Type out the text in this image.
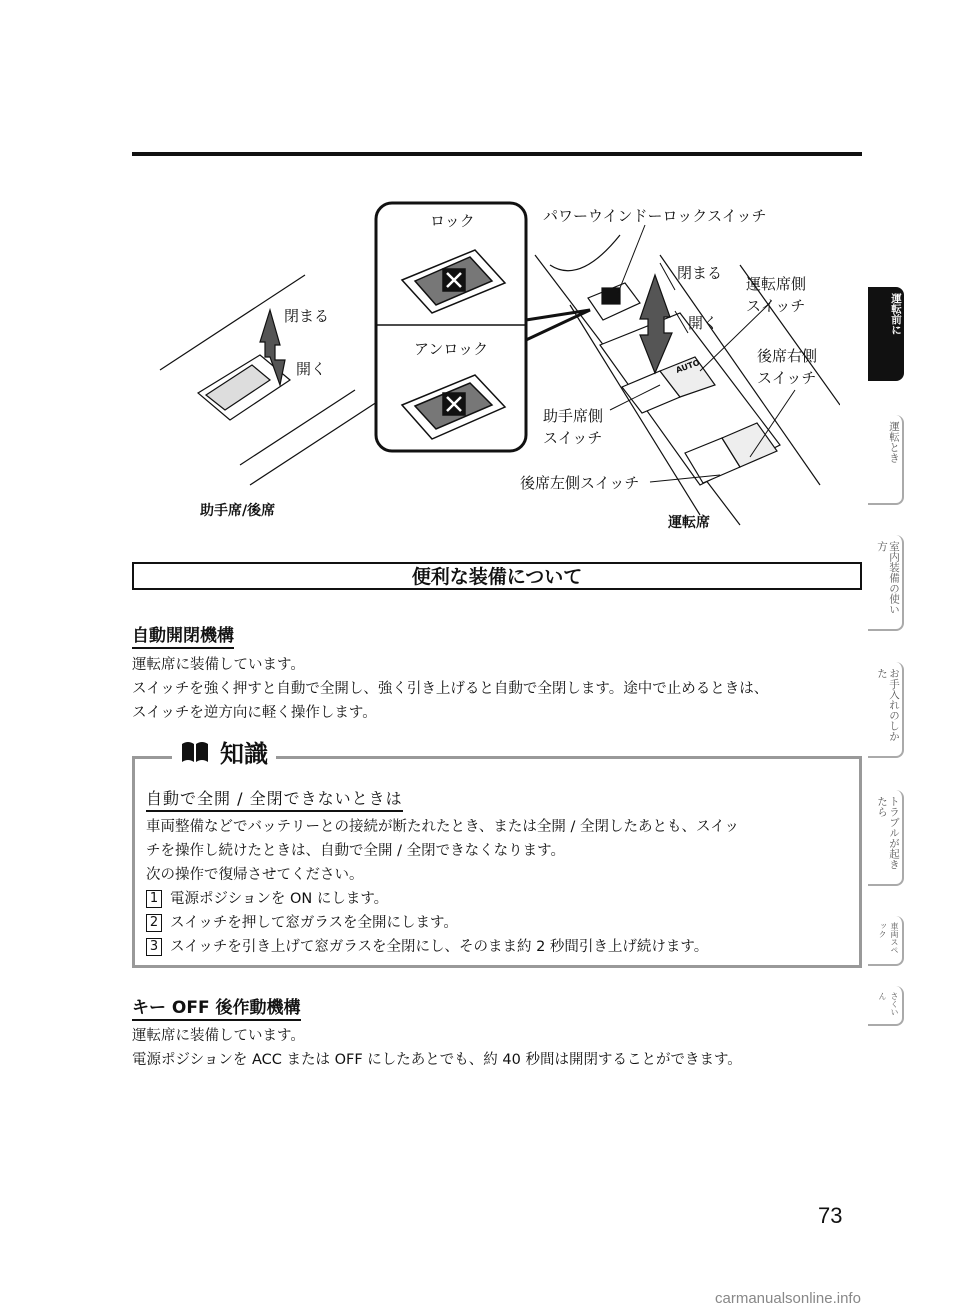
AUTO
ロック
アンロック
パワーウインドーロックスイッチ
閉まる
開く
閉まる
開く
運転席側
スイッチ
後席右側
スイッチ
助手席側
スイッチ
後席左側スイッチ
助手席/後席
運転席
便利な装備について
自動開閉機構
運転席に装備しています。
スイッチを強く押すと自動で全開し、強く引き上げると自動で全閉します。途中で止めるときは、
スイッチを逆方向に軽く操作します。
知識
自動で全開 / 全閉できないときは
車両整備などでバッテリーとの接続が断たれたとき、または全開 / 全閉したあとも、スイッ
チを操作し続けたときは、自動で全開 / 全閉できなくなります。
次の操作で復帰させてください。
1 電源ポジションを ON にします。
2 スイッチを押して窓ガラスを全開にします。
3 スイッチを引き上げて窓ガラスを全閉にし、そのまま約 2 秒間引き上げ続けます。
キー OFF 後作動機構
運転席に装備しています。
電源ポジションを ACC または OFF にしたあとでも、約 40 秒間は開閉することができます。
運転前に
運転とき
室内装備の使い方
お手入れのしかた
トラブルが起きたら
車両スペック
さくいん
73
carmanualsonline.info
